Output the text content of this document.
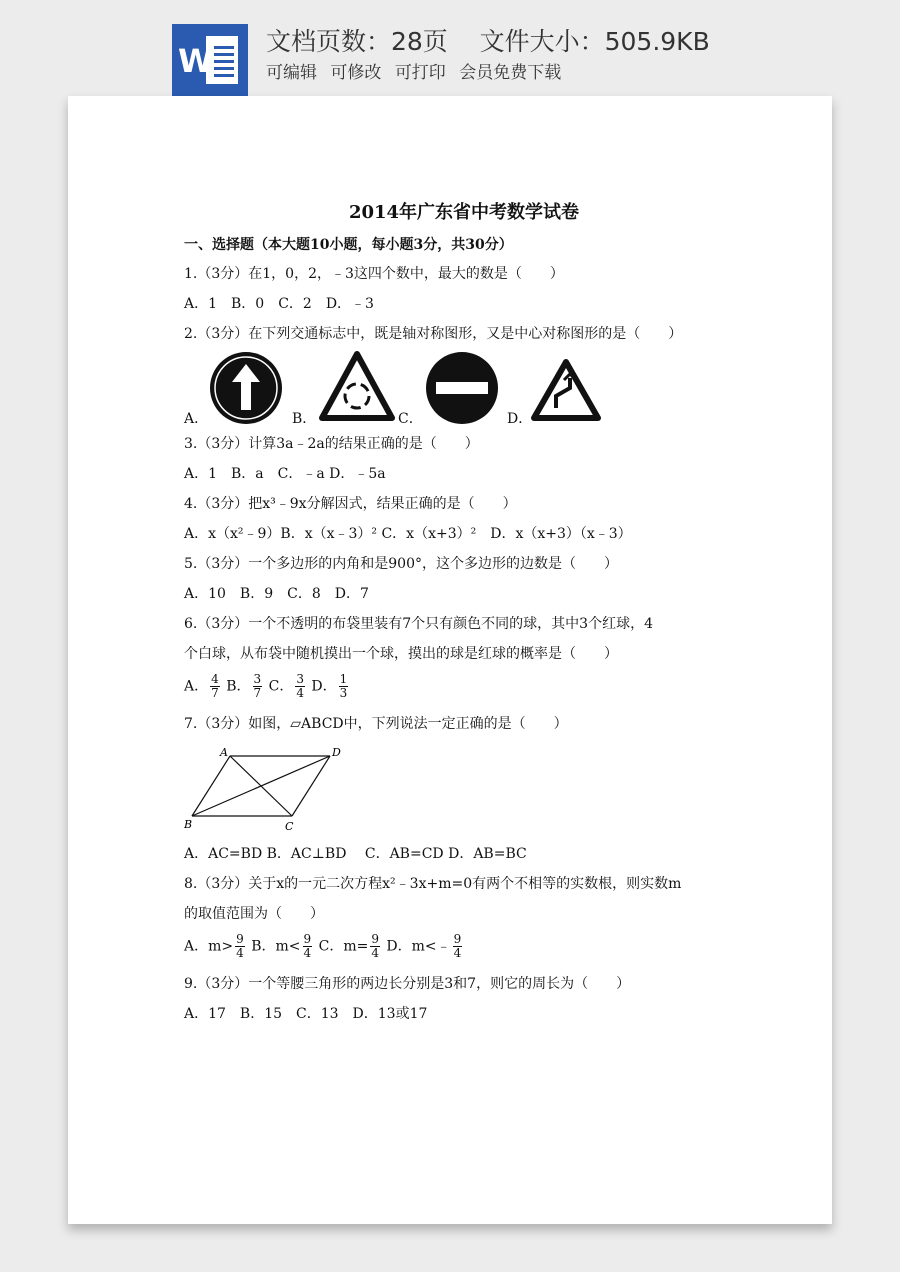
W
文档页数：28页 文件大小：505.9KB
可编辑 可修改 可打印 会员免费下载
2014年广东省中考数学试卷
一、选择题（本大题10小题，每小题3分，共30分）
1.（3分）在1，0，2，﹣3这四个数中，最大的数是（　　）
A．1　B．0　C．2　D．﹣3
2.（3分）在下列交通标志中，既是轴对称图形，又是中心对称图形的是（　　）
A．	B．	C．	D．
3.（3分）计算3a﹣2a的结果正确的是（　　）
A．1　B．a　C．﹣a D．﹣5a
4.（3分）把x³﹣9x分解因式，结果正确的是（　　）
A．x（x²﹣9）B．x（x﹣3）² C．x（x+3）²　D．x（x+3）（x﹣3）
5.（3分）一个多边形的内角和是900°，这个多边形的边数是（　　）
A．10　B．9　C．8　D．7
6.（3分）一个不透明的布袋里装有7个只有颜色不同的球，其中3个红球，4
个白球，从布袋中随机摸出一个球，摸出的球是红球的概率是（　　）
A． $\frac{4}{7}$ B． $\frac{3}{7}$ C． $\frac{3}{4}$ D． $\frac{1}{3}$
7.（3分）如图，▱ABCD中，下列说法一定正确的是（　　）
A	D
B	C
A．AC=BD B．AC⊥BD　 C．AB=CD D．AB=BC
8.（3分）关于x的一元二次方程x²﹣3x+m=0有两个不相等的实数根，则实数m
的取值范围为（　　）
A．$m> \frac{9}{4}$ B．$m< \frac{9}{4}$ C．$m= \frac{9}{4}$ D．m<﹣ $\frac{9}{4}$
9.（3分）一个等腰三角形的两边长分别是3和7，则它的周长为（　　）
A．17　B．15　C．13　D．13或17
